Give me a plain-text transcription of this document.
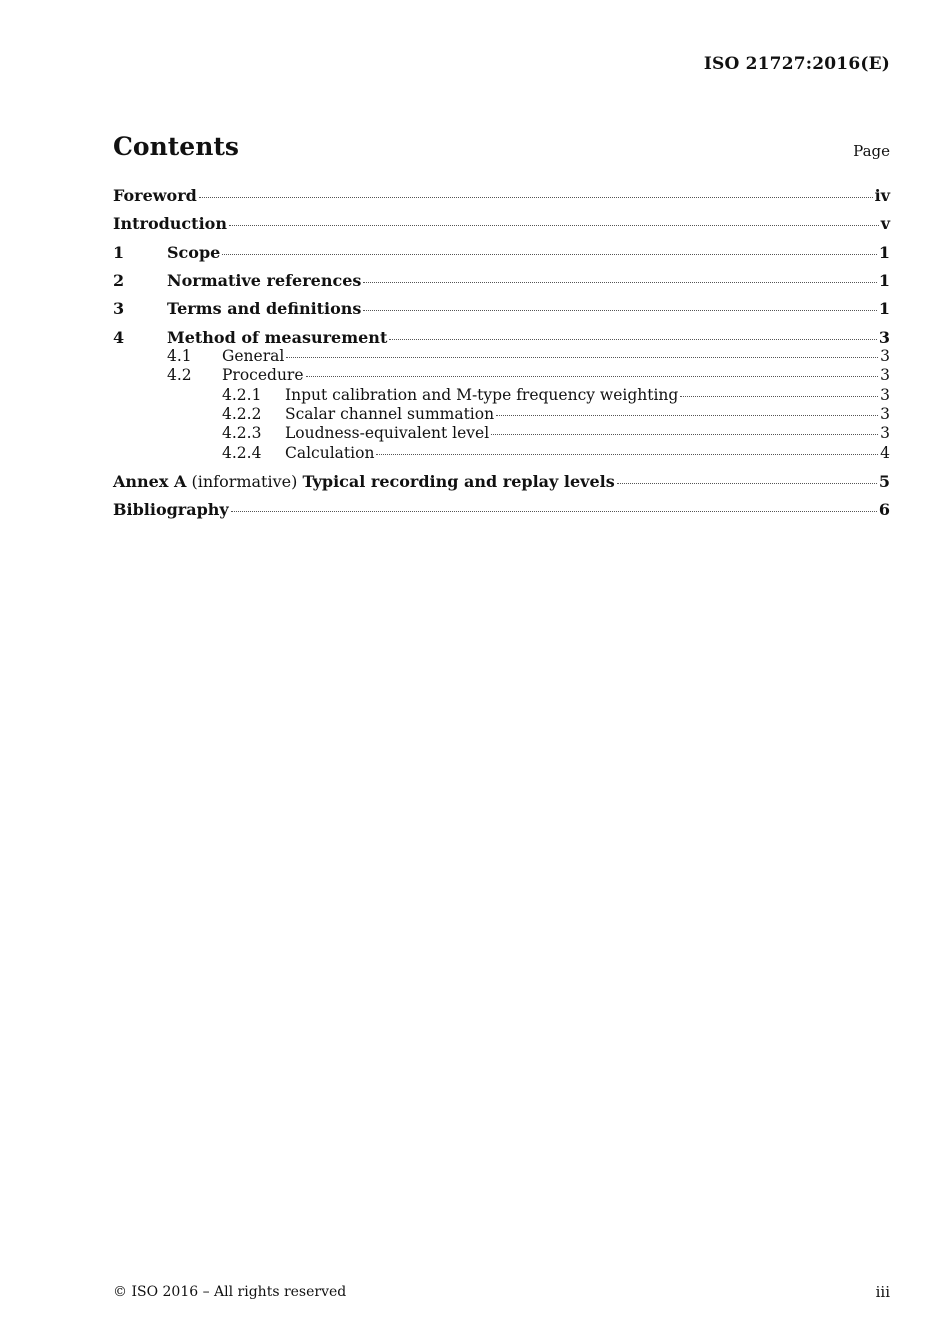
ISO 21727:2016(E)
Contents	Page
Foreword	iv
Introduction	v
1	Scope	1
2	Normative references	1
3	Terms and definitions	1
4	Method of measurement	3
4.1	General	3
4.2	Procedure	3
4.2.1	Input calibration and M-type frequency weighting	3
4.2.2	Scalar channel summation	3
4.2.3	Loudness-equivalent level	3
4.2.4	Calculation	4
Annex A (informative) Typical recording and replay levels	5
Bibliography	6
© ISO 2016 – All rights reserved	iii
